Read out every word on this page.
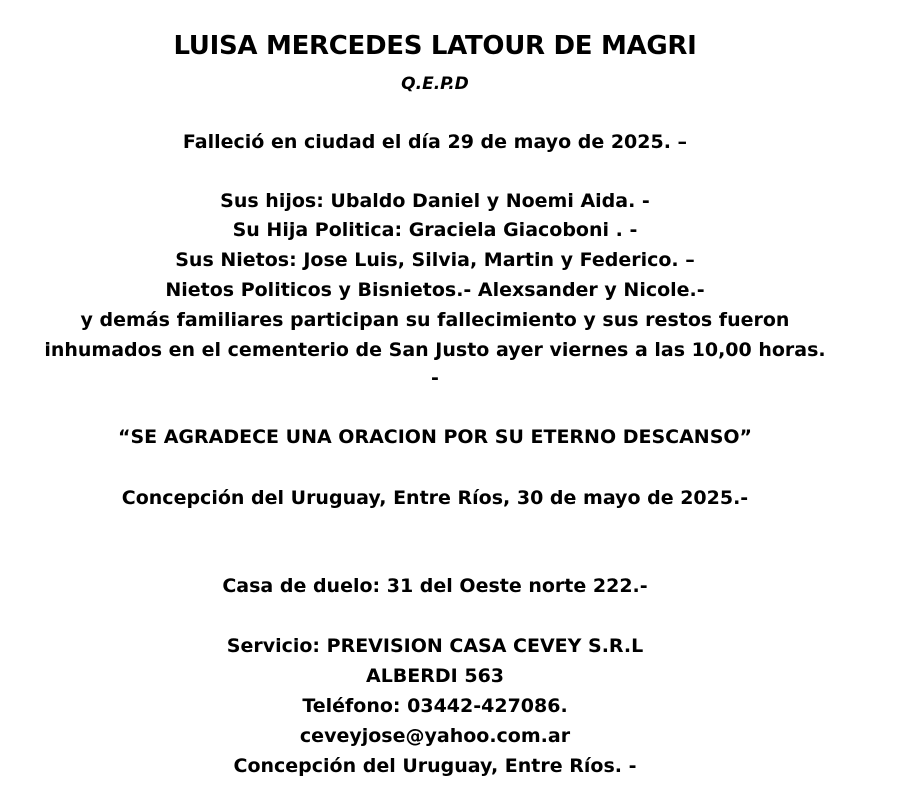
LUISA MERCEDES LATOUR DE MAGRI
Q.E.P.D
Falleció en ciudad el día 29 de mayo de 2025. –
Sus hijos: Ubaldo Daniel y Noemi Aida. -
Su Hija Politica: Graciela Giacoboni . -
Sus Nietos: Jose Luis, Silvia, Martin y Federico. –
Nietos Politicos y Bisnietos.- Alexsander y Nicole.-
y demás familiares participan su fallecimiento y sus restos fueron
inhumados en el cementerio de San Justo ayer viernes a las 10,00 horas.
-
“SE AGRADECE UNA ORACION POR SU ETERNO DESCANSO”
Concepción del Uruguay, Entre Ríos, 30 de mayo de 2025.-
Casa de duelo: 31 del Oeste norte 222.-
Servicio: PREVISION CASA CEVEY S.R.L
ALBERDI 563
Teléfono: 03442-427086.
ceveyjose@yahoo.com.ar
Concepción del Uruguay, Entre Ríos. -
